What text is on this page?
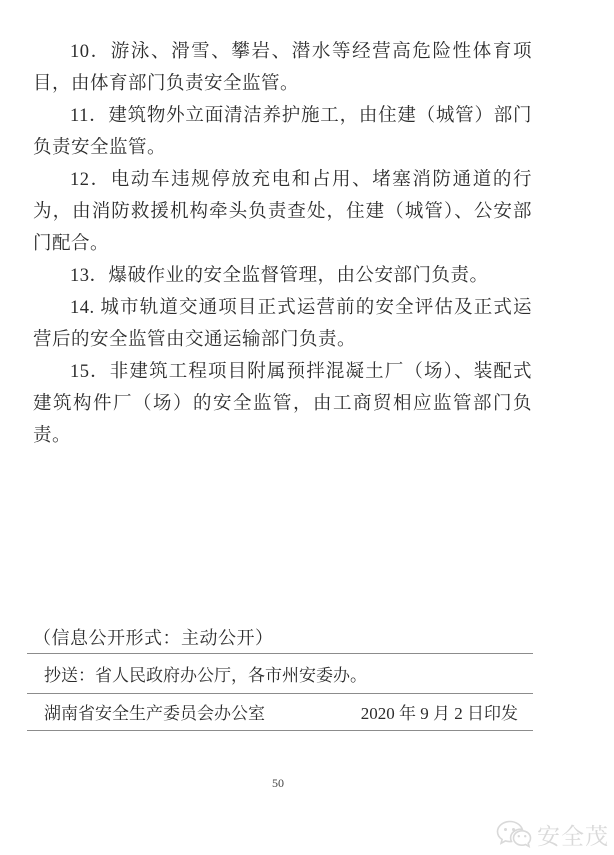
10．游泳、滑雪、攀岩、潜水等经营高危险性体育项目，由体育部门负责安全监管。

11．建筑物外立面清洁养护施工，由住建（城管）部门负责安全监管。

12．电动车违规停放充电和占用、堵塞消防通道的行为，由消防救援机构牵头负责查处，住建（城管）、公安部门配合。

13．爆破作业的安全监督管理，由公安部门负责。

14. 城市轨道交通项目正式运营前的安全评估及正式运营后的安全监管由交通运输部门负责。

15．非建筑工程项目附属预拌混凝土厂（场）、装配式建筑构件厂（场）的安全监管，由工商贸相应监管部门负责。

（信息公开形式：主动公开）
抄送：省人民政府办公厅，各市州安委办。
湖南省安全生产委员会办公室	2020 年 9 月 2 日印发
50
安全茂
